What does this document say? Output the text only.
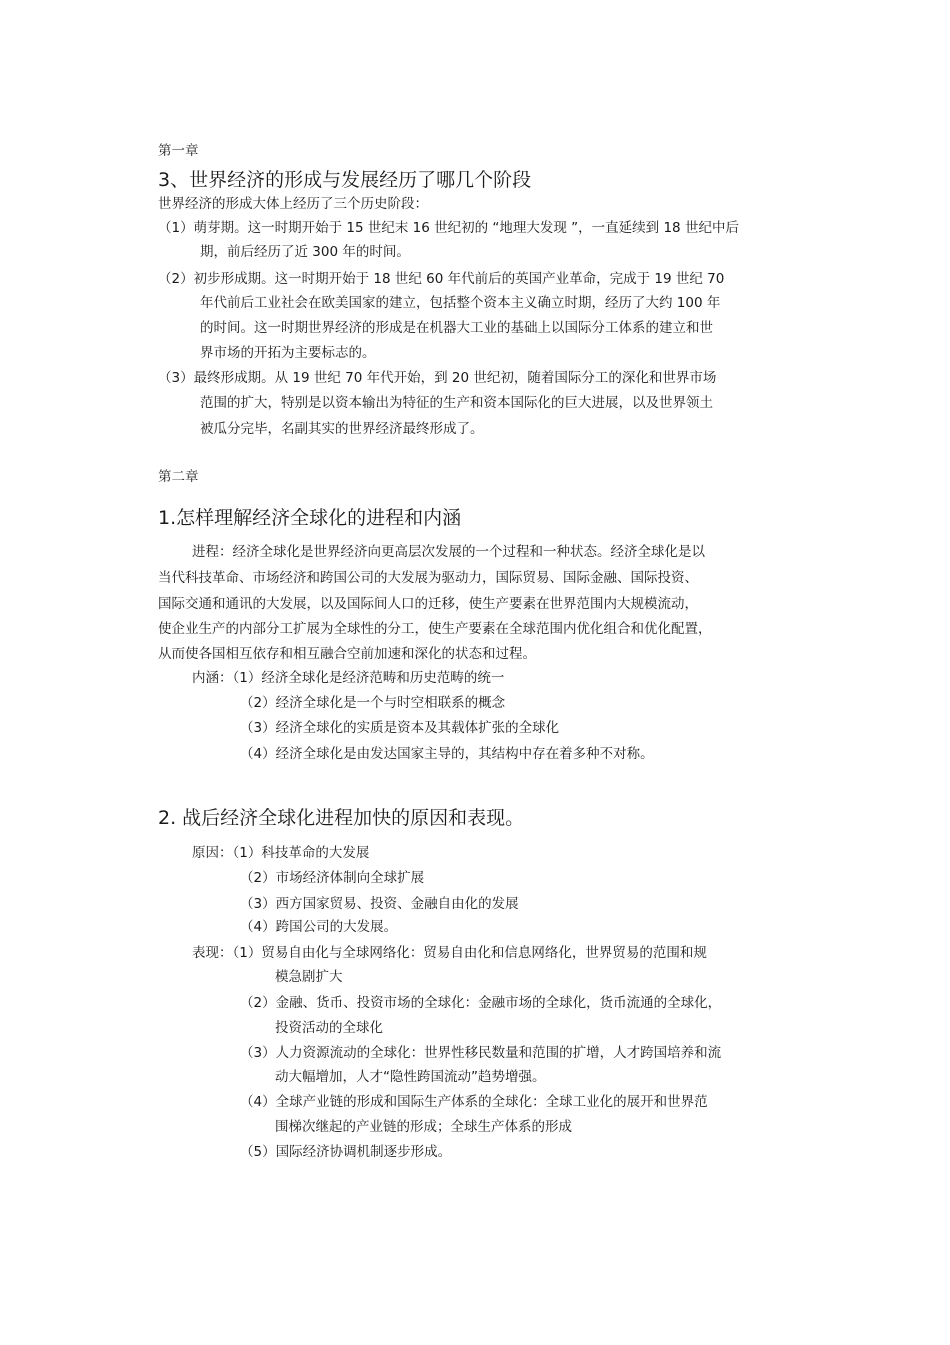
第一章
3、世界经济的形成与发展经历了哪几个阶段
世界经济的形成大体上经历了三个历史阶段：
（1）萌芽期。这一时期开始于 15 世纪末 16 世纪初的 “地理大发现 ”，一直延续到 18 世纪中后
期，前后经历了近 300 年的时间。
（2）初步形成期。这一时期开始于 18 世纪 60 年代前后的英国产业革命，完成于 19 世纪 70
年代前后工业社会在欧美国家的建立，包括整个资本主义确立时期，经历了大约 100 年
的时间。这一时期世界经济的形成是在机器大工业的基础上以国际分工体系的建立和世
界市场的开拓为主要标志的。
（3）最终形成期。从 19 世纪 70 年代开始，到 20 世纪初，随着国际分工的深化和世界市场
范围的扩大，特别是以资本输出为特征的生产和资本国际化的巨大进展，以及世界领土
被瓜分完毕，名副其实的世界经济最终形成了。
第二章
1.怎样理解经济全球化的进程和内涵
进程：经济全球化是世界经济向更高层次发展的一个过程和一种状态。经济全球化是以
当代科技革命、市场经济和跨国公司的大发展为驱动力，国际贸易、国际金融、国际投资、
国际交通和通讯的大发展，以及国际间人口的迁移，使生产要素在世界范围内大规模流动，
使企业生产的内部分工扩展为全球性的分工，使生产要素在全球范围内优化组合和优化配置，
从而使各国相互依存和相互融合空前加速和深化的状态和过程。
内涵：（1）经济全球化是经济范畴和历史范畴的统一
（2）经济全球化是一个与时空相联系的概念
（3）经济全球化的实质是资本及其载体扩张的全球化
（4）经济全球化是由发达国家主导的，其结构中存在着多种不对称。
2. 战后经济全球化进程加快的原因和表现。
原因：（1）科技革命的大发展
（2）市场经济体制向全球扩展
（3）西方国家贸易、投资、金融自由化的发展
（4）跨国公司的大发展。
表现：（1）贸易自由化与全球网络化：贸易自由化和信息网络化，世界贸易的范围和规
模急剧扩大
（2）金融、货币、投资市场的全球化：金融市场的全球化，货币流通的全球化，
投资活动的全球化
（3）人力资源流动的全球化：世界性移民数量和范围的扩增，人才跨国培养和流
动大幅增加，人才“隐性跨国流动”趋势增强。
（4）全球产业链的形成和国际生产体系的全球化：全球工业化的展开和世界范
围梯次继起的产业链的形成；全球生产体系的形成
（5）国际经济协调机制逐步形成。
